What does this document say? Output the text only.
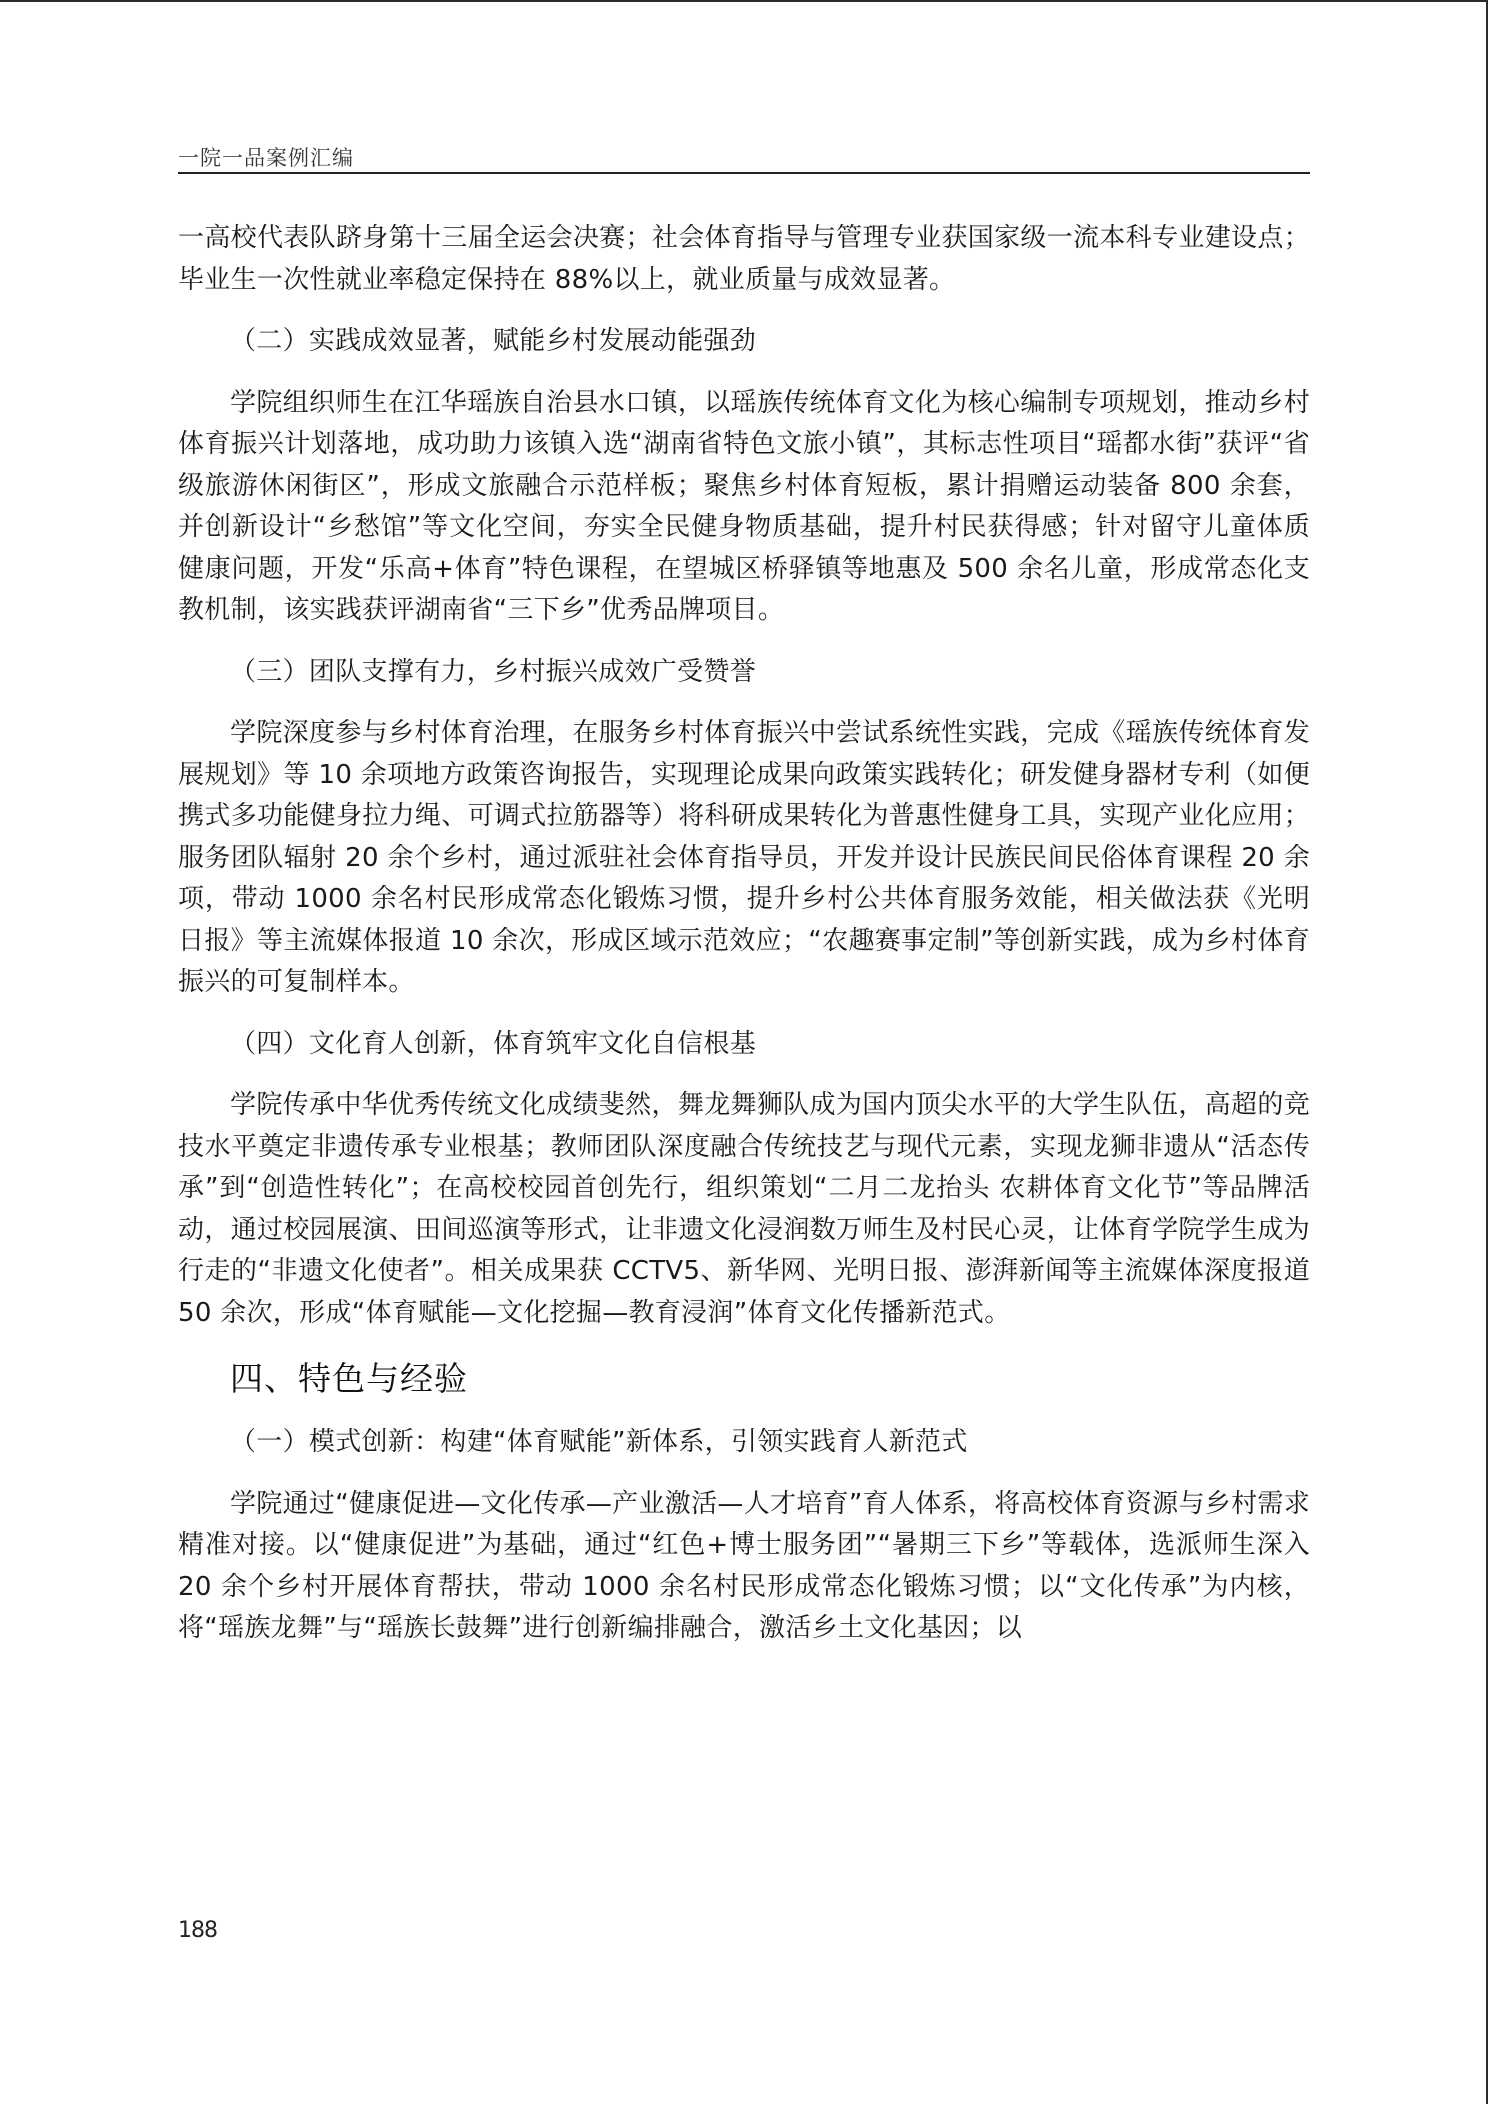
一院一品案例汇编

一高校代表队跻身第十三届全运会决赛；社会体育指导与管理专业获国家级一流本科专业建设点；毕业生一次性就业率稳定保持在 88%以上，就业质量与成效显著。

（二）实践成效显著，赋能乡村发展动能强劲

学院组织师生在江华瑶族自治县水口镇，以瑶族传统体育文化为核心编制专项规划，推动乡村体育振兴计划落地，成功助力该镇入选“湖南省特色文旅小镇”，其标志性项目“瑶都水街”获评“省级旅游休闲街区”，形成文旅融合示范样板；聚焦乡村体育短板，累计捐赠运动装备 800 余套，并创新设计“乡愁馆”等文化空间，夯实全民健身物质基础，提升村民获得感；针对留守儿童体质健康问题，开发“乐高+体育”特色课程，在望城区桥驿镇等地惠及 500 余名儿童，形成常态化支教机制，该实践获评湖南省“三下乡”优秀品牌项目。

（三）团队支撑有力，乡村振兴成效广受赞誉

学院深度参与乡村体育治理，在服务乡村体育振兴中尝试系统性实践，完成《瑶族传统体育发展规划》等 10 余项地方政策咨询报告，实现理论成果向政策实践转化；研发健身器材专利（如便携式多功能健身拉力绳、可调式拉筋器等）将科研成果转化为普惠性健身工具，实现产业化应用；服务团队辐射 20 余个乡村，通过派驻社会体育指导员，开发并设计民族民间民俗体育课程 20 余项，带动 1000 余名村民形成常态化锻炼习惯，提升乡村公共体育服务效能，相关做法获《光明日报》等主流媒体报道 10 余次，形成区域示范效应；“农趣赛事定制”等创新实践，成为乡村体育振兴的可复制样本。

（四）文化育人创新，体育筑牢文化自信根基

学院传承中华优秀传统文化成绩斐然，舞龙舞狮队成为国内顶尖水平的大学生队伍，高超的竞技水平奠定非遗传承专业根基；教师团队深度融合传统技艺与现代元素，实现龙狮非遗从“活态传承”到“创造性转化”；在高校校园首创先行，组织策划“二月二龙抬头 农耕体育文化节”等品牌活动，通过校园展演、田间巡演等形式，让非遗文化浸润数万师生及村民心灵，让体育学院学生成为行走的“非遗文化使者”。相关成果获 CCTV5、新华网、光明日报、澎湃新闻等主流媒体深度报道 50 余次，形成“体育赋能—文化挖掘—教育浸润”体育文化传播新范式。

四、特色与经验

（一）模式创新：构建“体育赋能”新体系，引领实践育人新范式

学院通过“健康促进—文化传承—产业激活—人才培育”育人体系，将高校体育资源与乡村需求精准对接。以“健康促进”为基础，通过“红色+博士服务团”“暑期三下乡”等载体，选派师生深入 20 余个乡村开展体育帮扶，带动 1000 余名村民形成常态化锻炼习惯；以“文化传承”为内核，将“瑶族龙舞”与“瑶族长鼓舞”进行创新编排融合，激活乡土文化基因；以

188
